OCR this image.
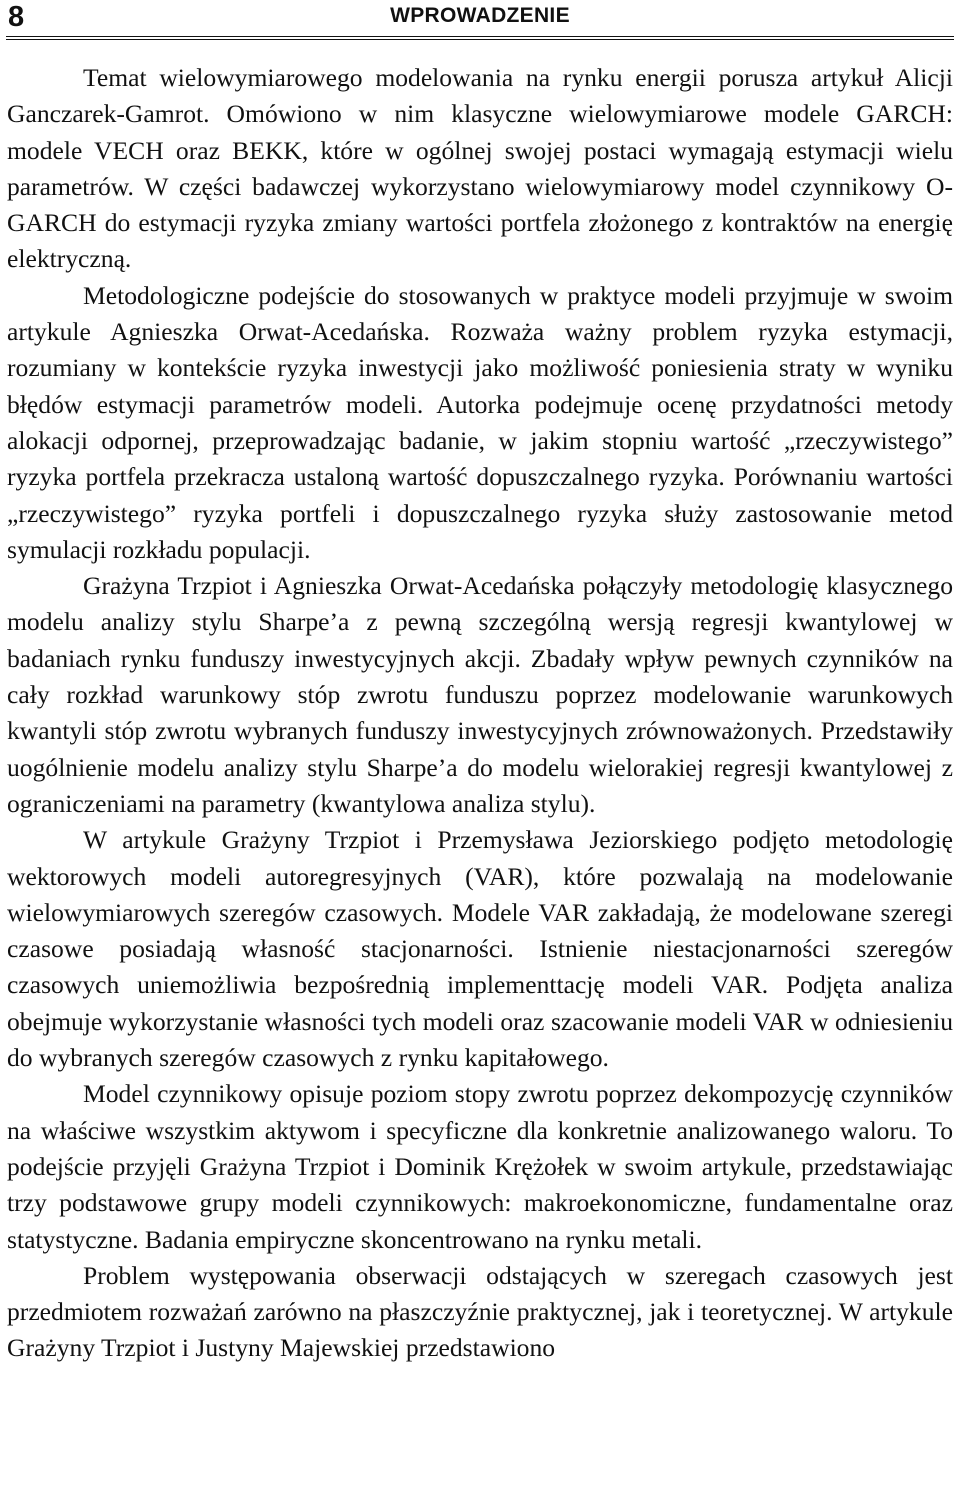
8	WPROWADZENIE

Temat wielowymiarowego modelowania na rynku energii porusza artykuł Alicji Ganczarek-Gamrot. Omówiono w nim klasyczne wielowymiarowe modele GARCH: modele VECH oraz BEKK, które w ogólnej swojej postaci wymagają estymacji wielu parametrów. W części badawczej wykorzystano wielowymiarowy model czynnikowy O-GARCH do estymacji ryzyka zmiany wartości portfela złożonego z kontraktów na energię elektryczną.

Metodologiczne podejście do stosowanych w praktyce modeli przyjmuje w swoim artykule Agnieszka Orwat-Acedańska. Rozważa ważny problem ryzyka estymacji, rozumiany w kontekście ryzyka inwestycji jako możliwość poniesienia straty w wyniku błędów estymacji parametrów modeli. Autorka podejmuje ocenę przydatności metody alokacji odpornej, przeprowadzając badanie, w jakim stopniu wartość „rzeczywistego” ryzyka portfela przekracza ustaloną wartość dopuszczalnego ryzyka. Porównaniu wartości „rzeczywistego” ryzyka portfeli i dopuszczalnego ryzyka służy zastosowanie metod symulacji rozkładu populacji.

Grażyna Trzpiot i Agnieszka Orwat-Acedańska połączyły metodologię klasycznego modelu analizy stylu Sharpe’a z pewną szczególną wersją regresji kwantylowej w badaniach rynku funduszy inwestycyjnych akcji. Zbadały wpływ pewnych czynników na cały rozkład warunkowy stóp zwrotu funduszu poprzez modelowanie warunkowych kwantyli stóp zwrotu wybranych funduszy inwestycyjnych zrównoważonych. Przedstawiły uogólnienie modelu analizy stylu Sharpe’a do modelu wielorakiej regresji kwantylowej z ograniczeniami na parametry (kwantylowa analiza stylu).

W artykule Grażyny Trzpiot i Przemysława Jeziorskiego podjęto metodologię wektorowych modeli autoregresyjnych (VAR), które pozwalają na modelowanie wielowymiarowych szeregów czasowych. Modele VAR zakładają, że modelowane szeregi czasowe posiadają własność stacjonarności. Istnienie niestacjonarności szeregów czasowych uniemożliwia bezpośrednią implementtację modeli VAR. Podjęta analiza obejmuje wykorzystanie własności tych modeli oraz szacowanie modeli VAR w odniesieniu do wybranych szeregów czasowych z rynku kapitałowego.

Model czynnikowy opisuje poziom stopy zwrotu poprzez dekompozycję czynników na właściwe wszystkim aktywom i specyficzne dla konkretnie analizowanego waloru. To podejście przyjęli Grażyna Trzpiot i Dominik Krężołek w swoim artykule, przedstawiając trzy podstawowe grupy modeli czynnikowych: makroekonomiczne, fundamentalne oraz statystyczne. Badania empiryczne skoncentrowano na rynku metali.

Problem występowania obserwacji odstających w szeregach czasowych jest przedmiotem rozważań zarówno na płaszczyźnie praktycznej, jak i teoretycznej. W artykule Grażyny Trzpiot i Justyny Majewskiej przedstawiono
